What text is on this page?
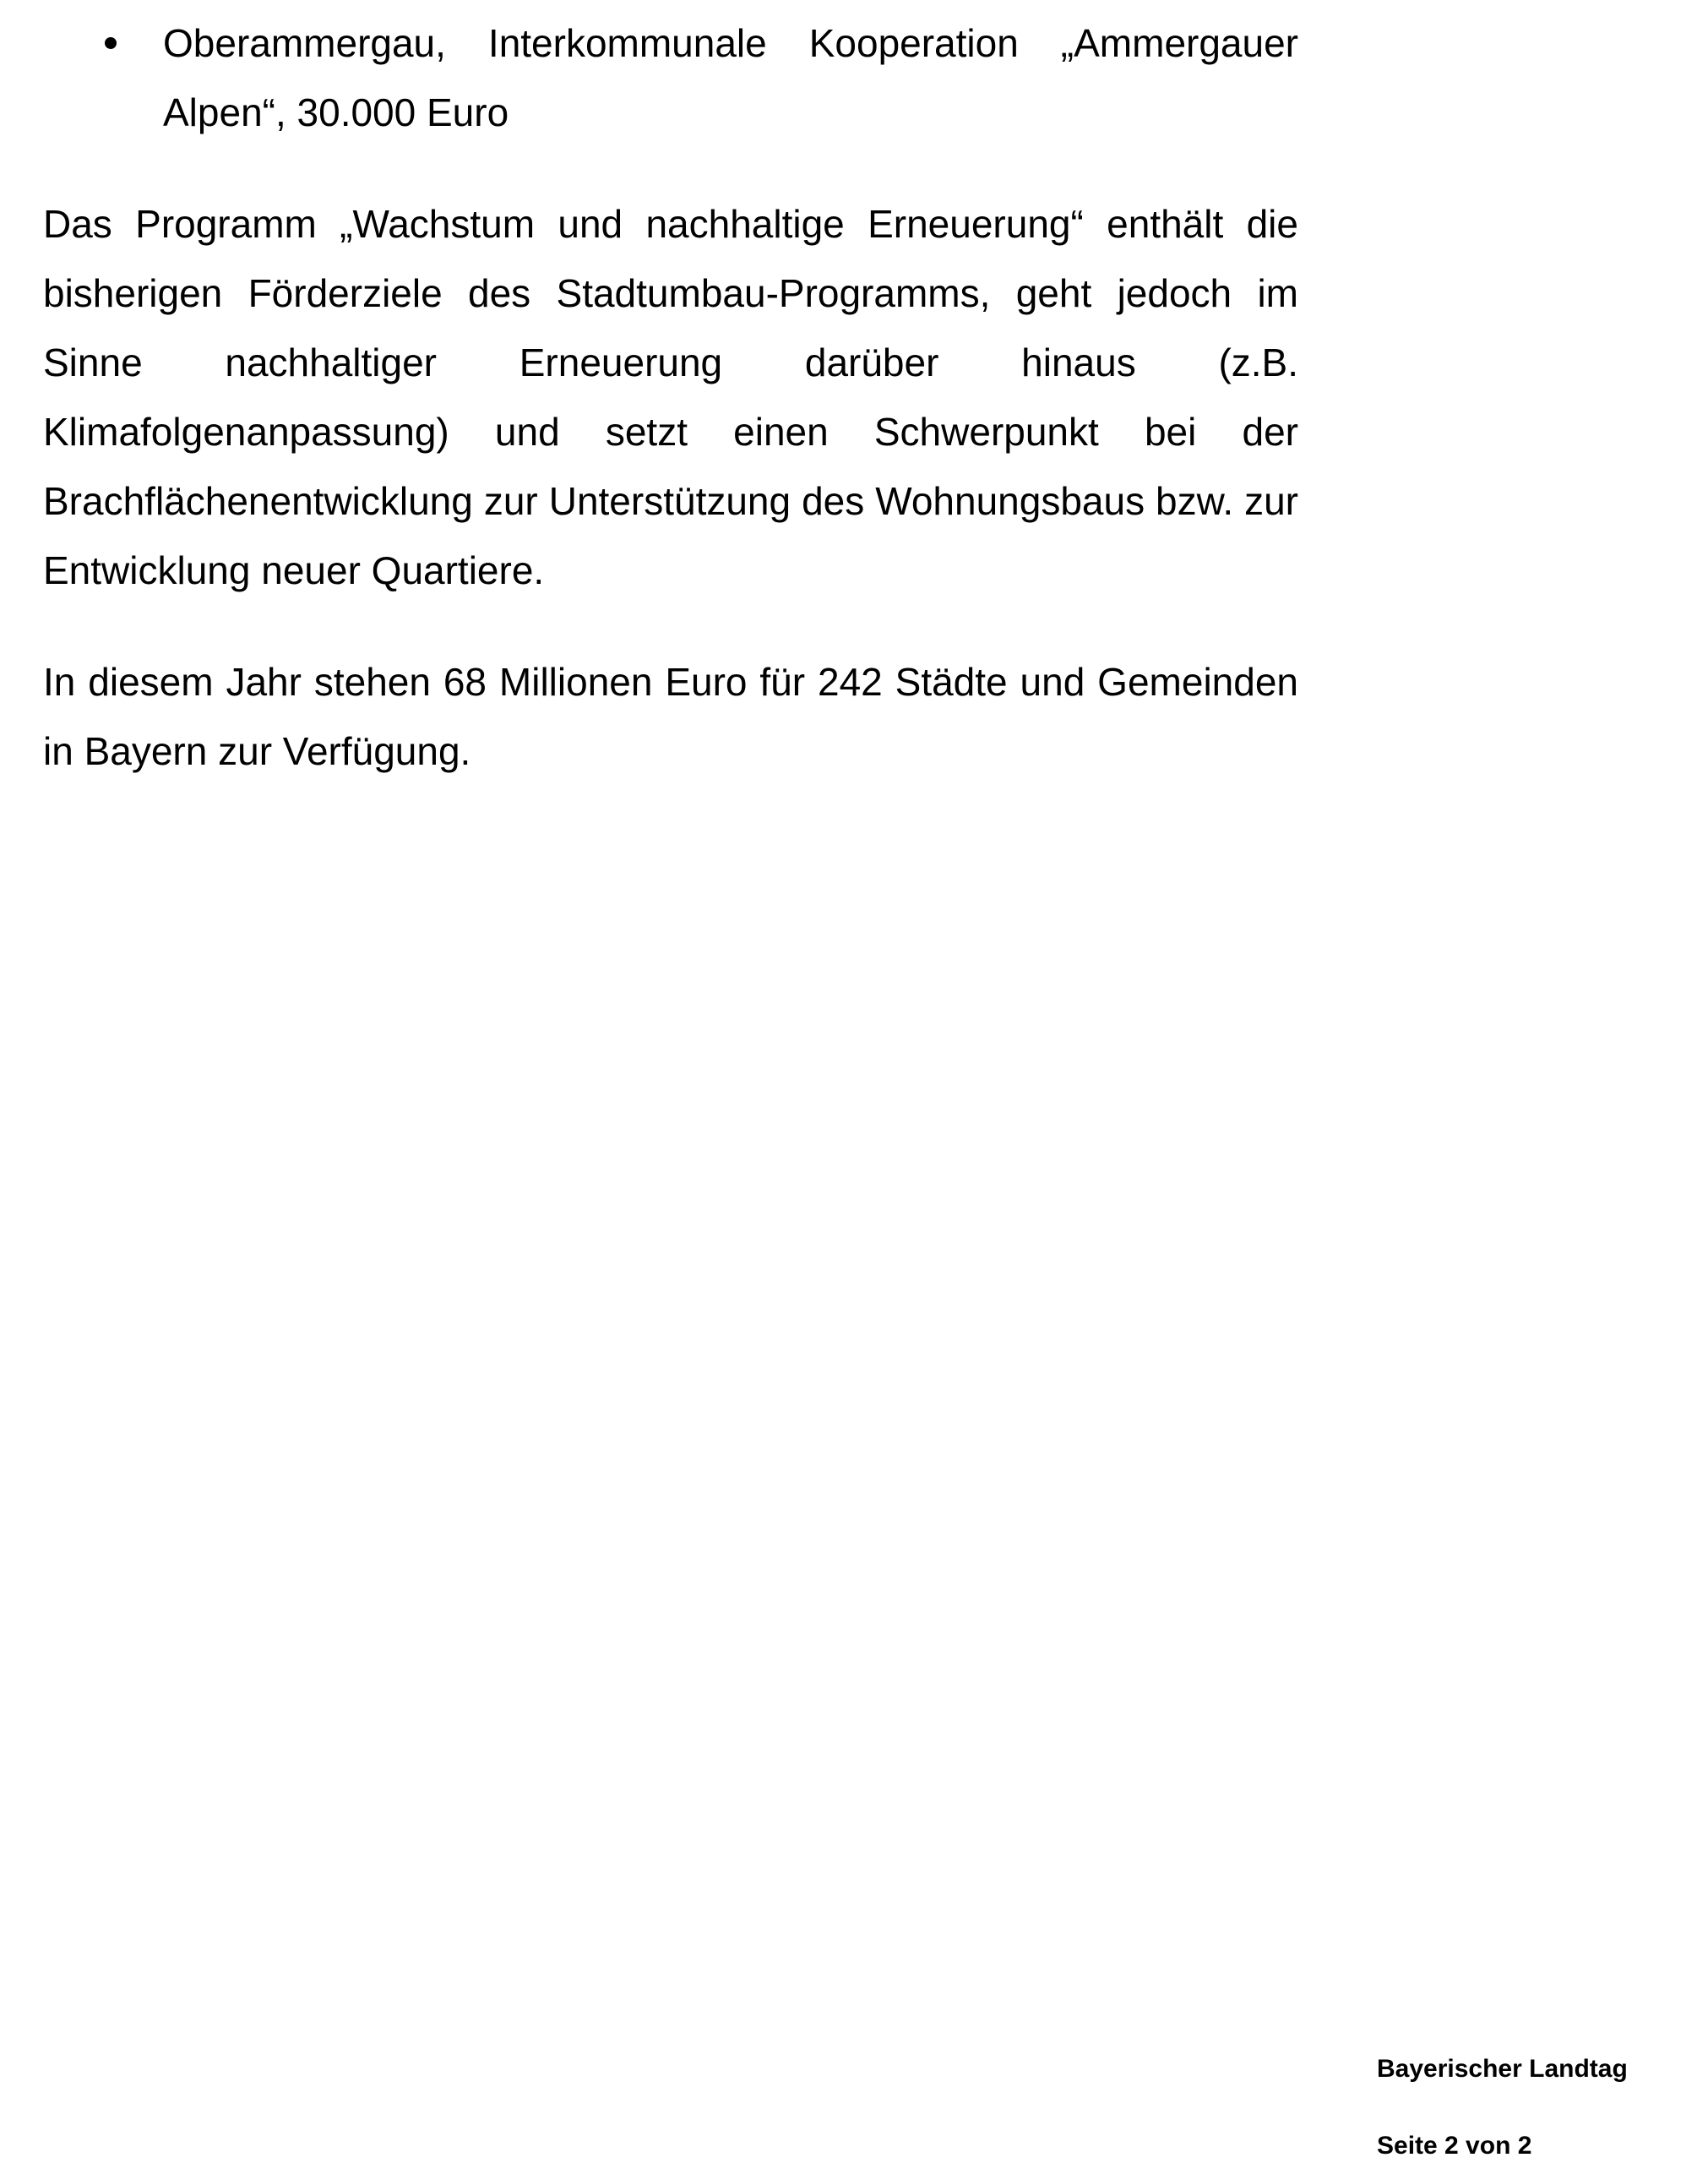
Oberammergau, Interkommunale Kooperation „Ammergauer Alpen“, 30.000 Euro

Das Programm „Wachstum und nachhaltige Erneuerung“ enthält die bisherigen Förderziele des Stadtumbau-Programms, geht jedoch im Sinne nachhaltiger Erneuerung darüber hinaus (z.B. Klimafolgenanpassung) und setzt einen Schwerpunkt bei der Brachflächenentwicklung zur Unterstützung des Wohnungsbaus bzw. zur Entwicklung neuer Quartiere.

In diesem Jahr stehen 68 Millionen Euro für 242 Städte und Gemeinden in Bayern zur Verfügung.

Bayerischer Landtag
Seite 2 von 2
